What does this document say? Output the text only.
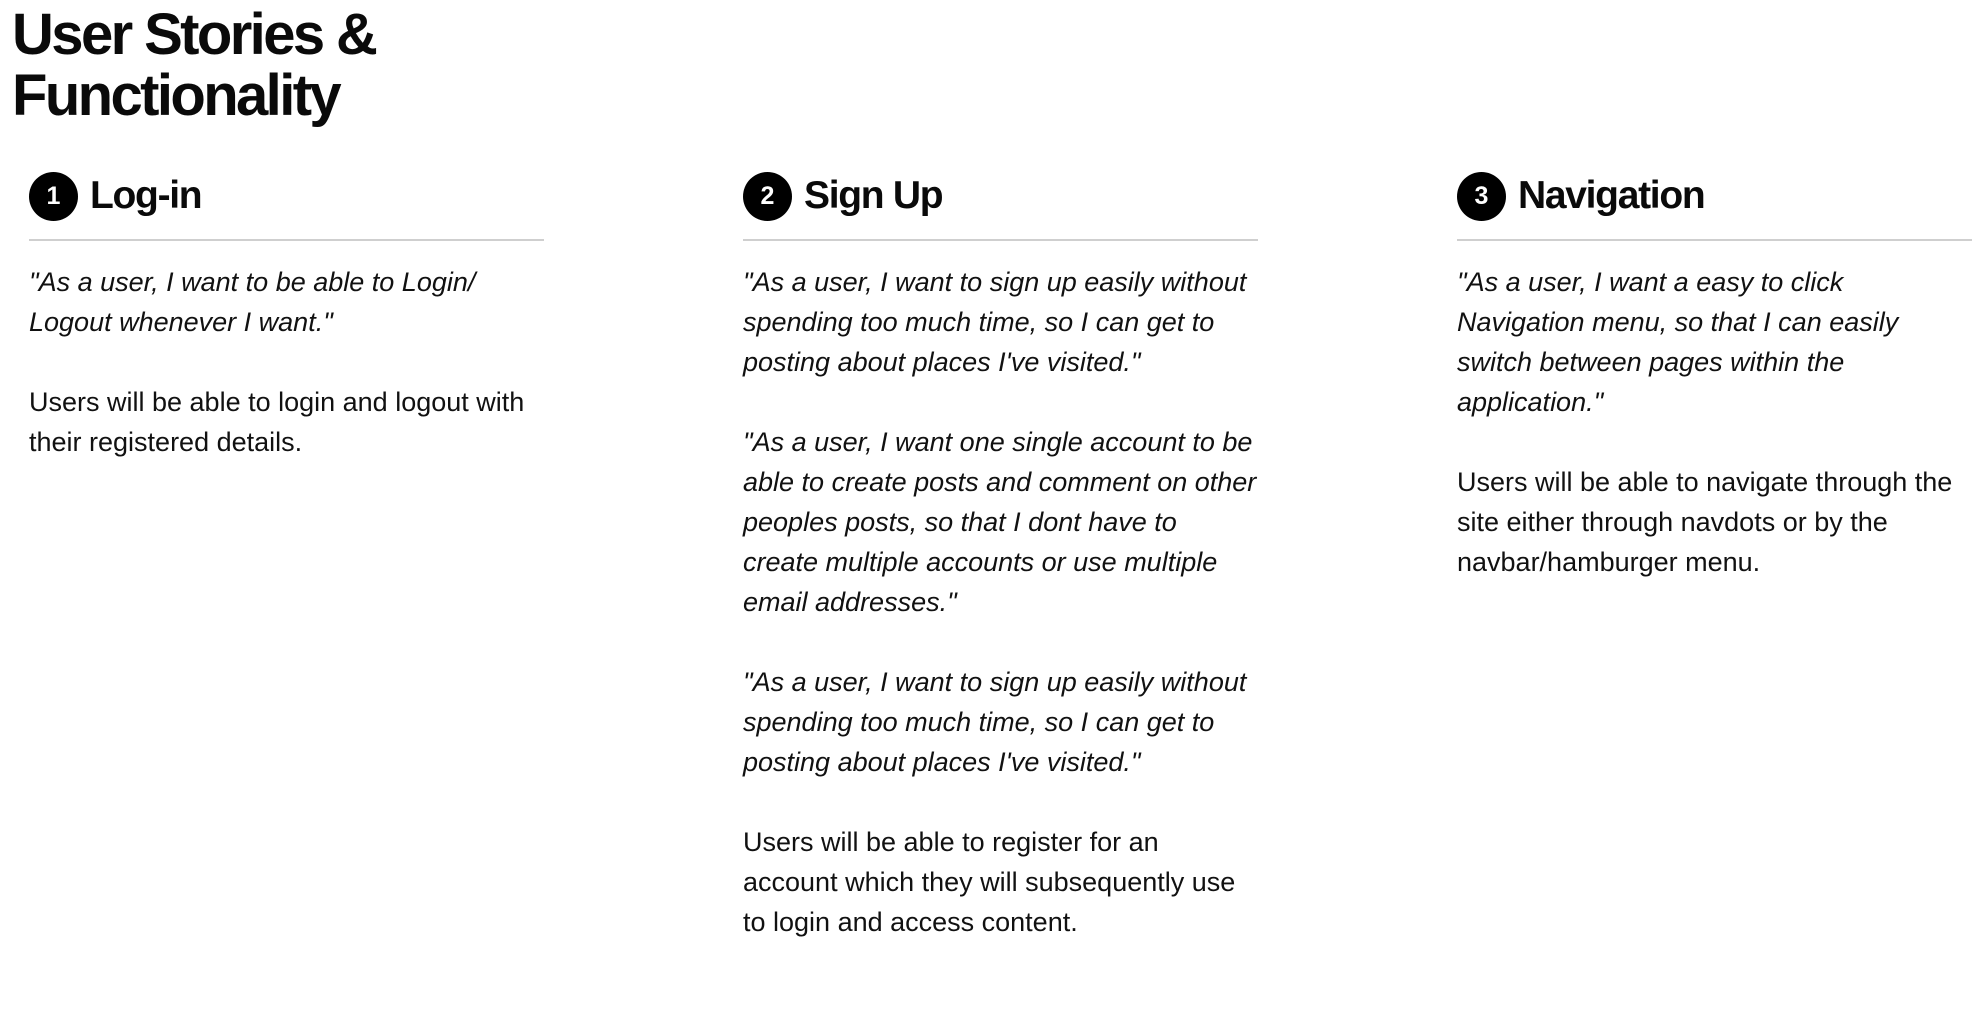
User Stories &
Functionality
1 Log-in

"As a user, I want to be able to Login/ Logout whenever I want."

Users will be able to login and logout with their registered details.

2 Sign Up

"As a user, I want to sign up easily without spending too much time, so I can get to posting about places I've visited."

"As a user, I want one single account to be able to create posts and comment on other peoples posts, so that I dont have to create multiple accounts or use multiple email addresses."

"As a user, I want to sign up easily without spending too much time, so I can get to posting about places I've visited."

Users will be able to register for an account which they will subsequently use to login and access content.

3 Navigation

"As a user, I want a easy to click Navigation menu, so that I can easily switch between pages within the application."

Users will be able to navigate through the site either through navdots or by the navbar/hamburger menu.
